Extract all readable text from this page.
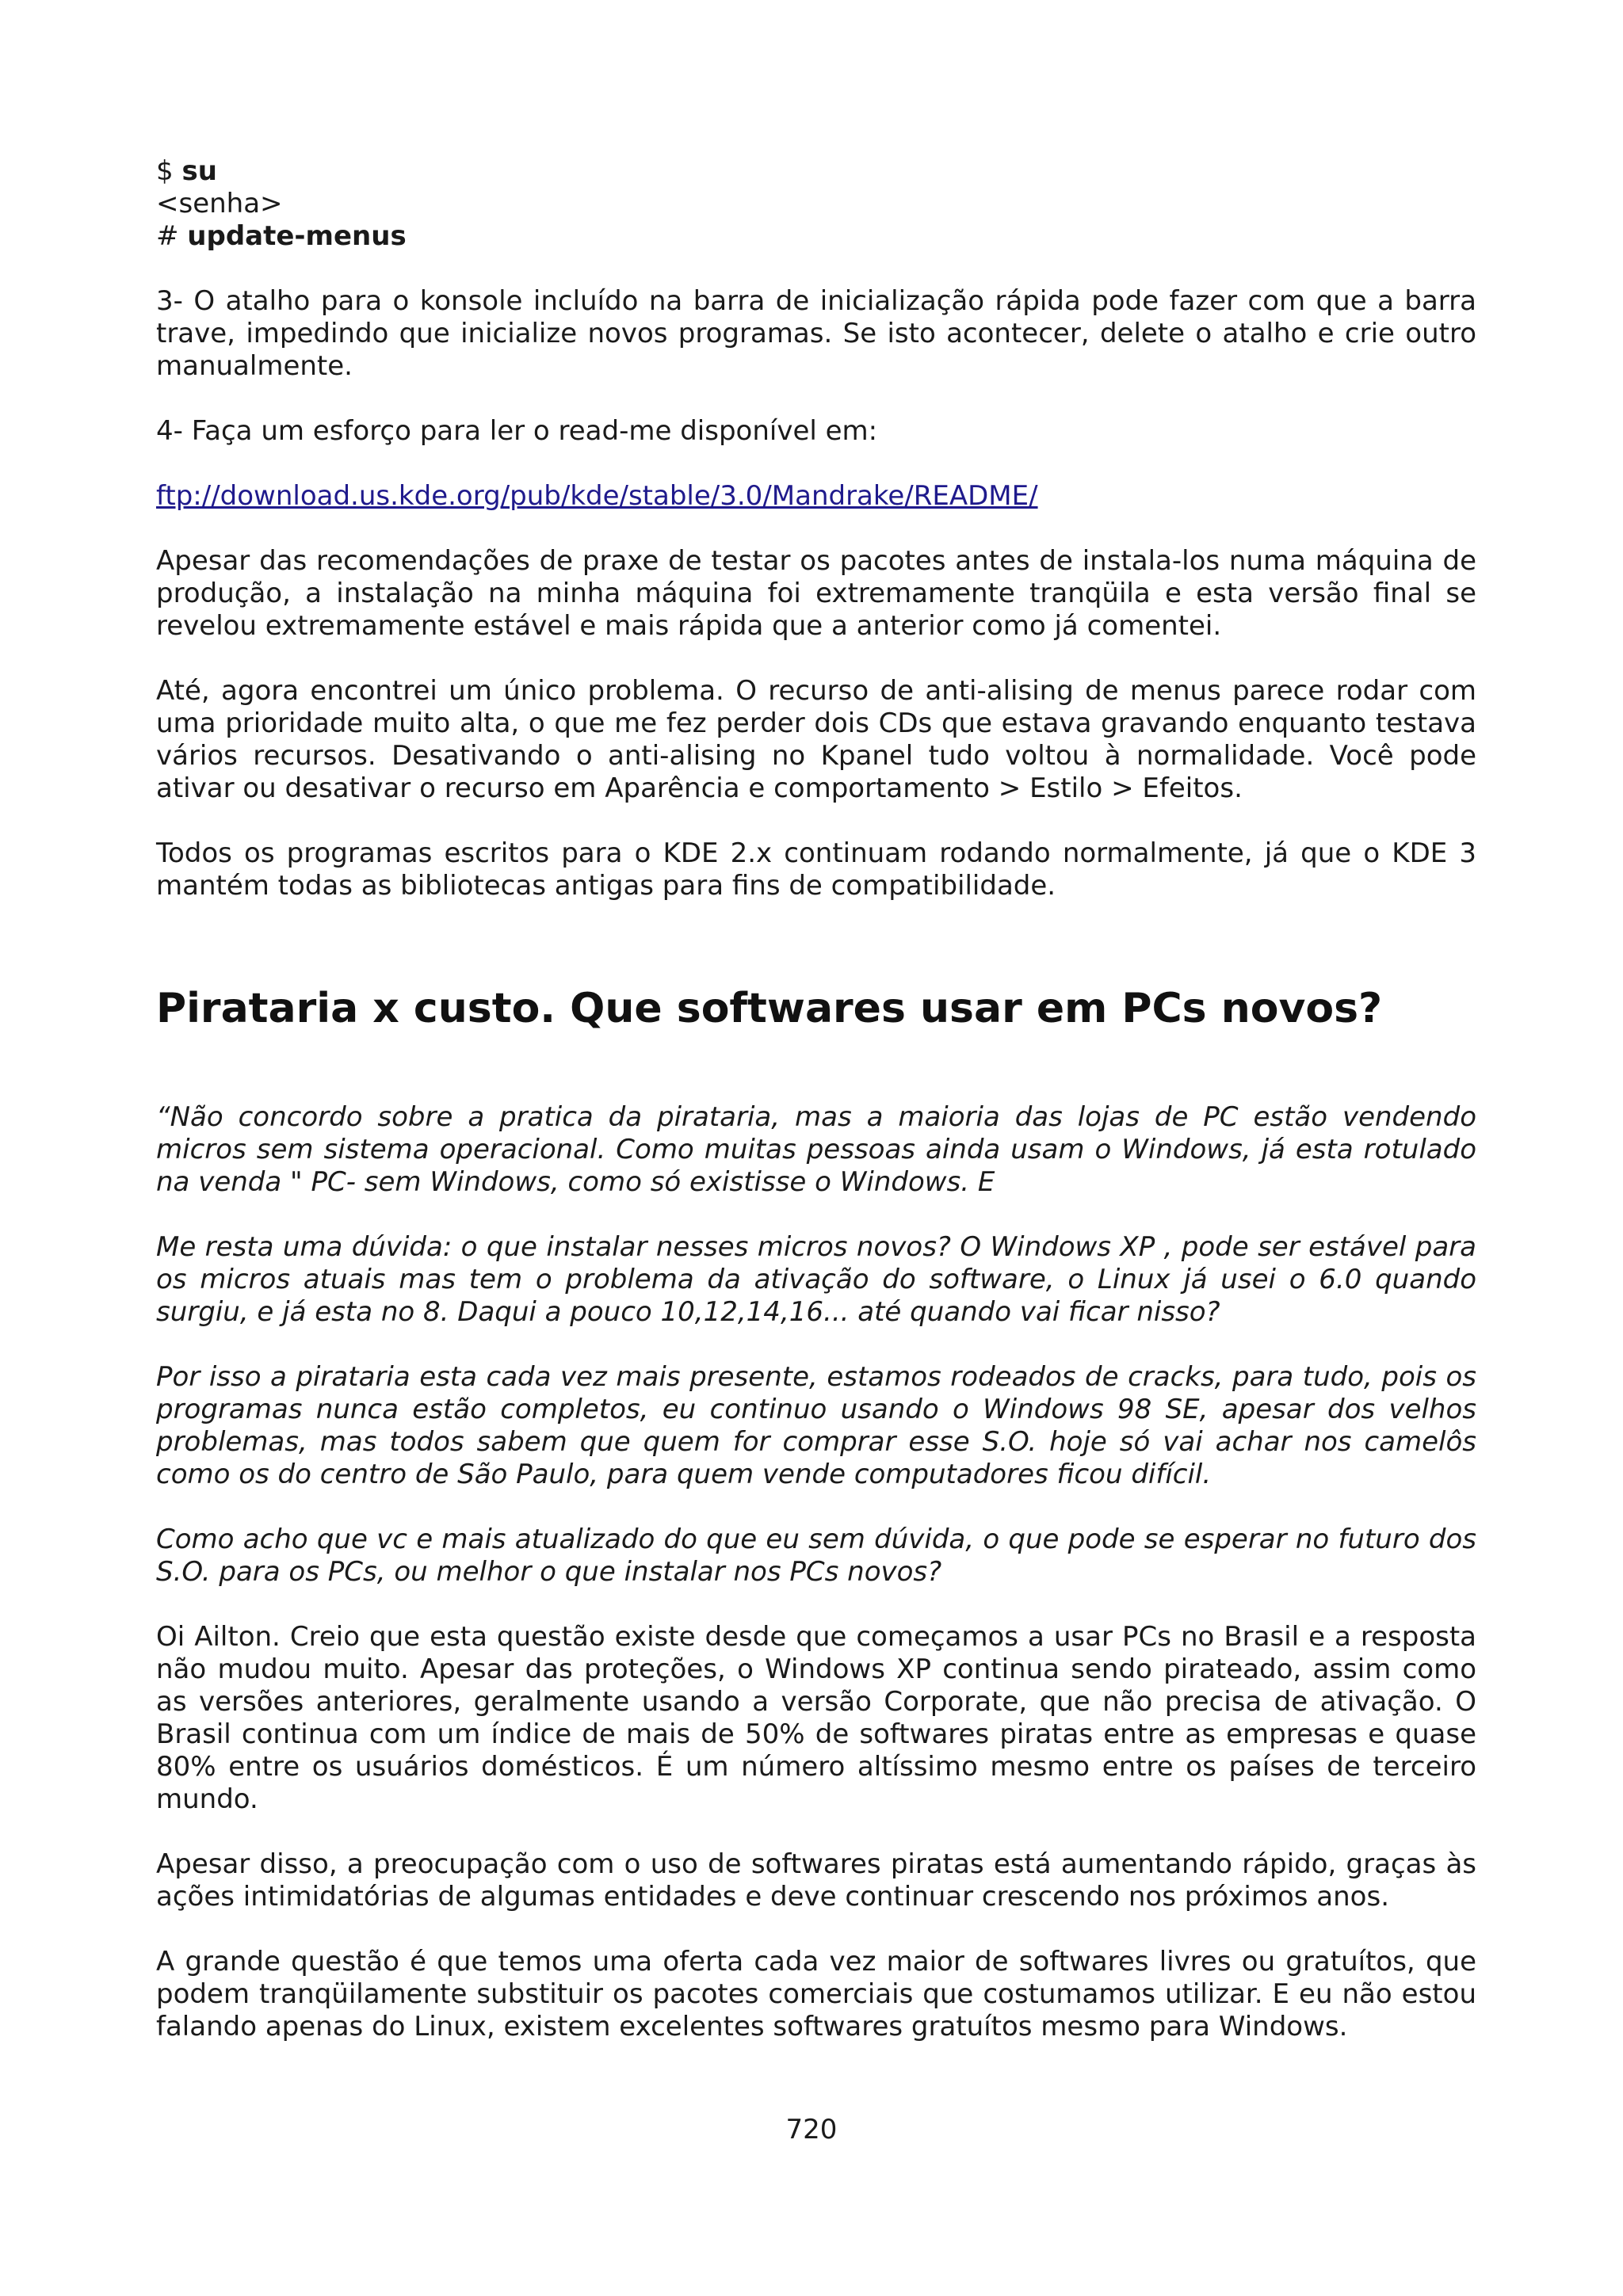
$ su
<senha>
# update-menus

3- O atalho para o konsole incluído na barra de inicialização rápida pode fazer com que a barra trave, impedindo que inicialize novos programas. Se isto acontecer, delete o atalho e crie outro manualmente.

4- Faça um esforço para ler o read-me disponível em:

ftp://download.us.kde.org/pub/kde/stable/3.0/Mandrake/README/

Apesar das recomendações de praxe de testar os pacotes antes de instala-los numa máquina de produção, a instalação na minha máquina foi extremamente tranqüila e esta versão final se revelou extremamente estável e mais rápida que a anterior como já comentei.

Até, agora encontrei um único problema. O recurso de anti-alising de menus parece rodar com uma prioridade muito alta, o que me fez perder dois CDs que estava gravando enquanto testava vários recursos. Desativando o anti-alising no Kpanel tudo voltou à normalidade. Você pode ativar ou desativar o recurso em Aparência e comportamento > Estilo > Efeitos.

Todos os programas escritos para o KDE 2.x continuam rodando normalmente, já que o KDE 3 mantém todas as bibliotecas antigas para fins de compatibilidade.

Pirataria x custo. Que softwares usar em PCs novos?

“Não concordo sobre a pratica da pirataria, mas a maioria das lojas de PC estão vendendo micros sem sistema operacional. Como muitas pessoas ainda usam o Windows, já esta rotulado na venda " PC- sem Windows, como só existisse o Windows. E

Me resta uma dúvida: o que instalar nesses micros novos? O Windows XP , pode ser estável para os micros atuais mas tem o problema da ativação do software, o Linux já usei o 6.0 quando surgiu, e já esta no 8. Daqui a pouco 10,12,14,16... até quando vai ficar nisso?

Por isso a pirataria esta cada vez mais presente, estamos rodeados de cracks, para tudo, pois os programas nunca estão completos, eu continuo usando o Windows 98 SE, apesar dos velhos problemas, mas todos sabem que quem for comprar esse S.O. hoje só vai achar nos camelôs como os do centro de São Paulo, para quem vende computadores ficou difícil.

Como acho que vc e mais atualizado do que eu sem dúvida, o que pode se esperar no futuro dos S.O. para os PCs, ou melhor o que instalar nos PCs novos?

Oi Ailton. Creio que esta questão existe desde que começamos a usar PCs no Brasil e a resposta não mudou muito. Apesar das proteções, o Windows XP continua sendo pirateado, assim como as versões anteriores, geralmente usando a versão Corporate, que não precisa de ativação. O Brasil continua com um índice de mais de 50% de softwares piratas entre as empresas e quase 80% entre os usuários domésticos. É um número altíssimo mesmo entre os países de terceiro mundo.

Apesar disso, a preocupação com o uso de softwares piratas está aumentando rápido, graças às ações intimidatórias de algumas entidades e deve continuar crescendo nos próximos anos.

A grande questão é que temos uma oferta cada vez maior de softwares livres ou gratuítos, que podem tranqüilamente substituir os pacotes comerciais que costumamos utilizar. E eu não estou falando apenas do Linux, existem excelentes softwares gratuítos mesmo para Windows.

720
